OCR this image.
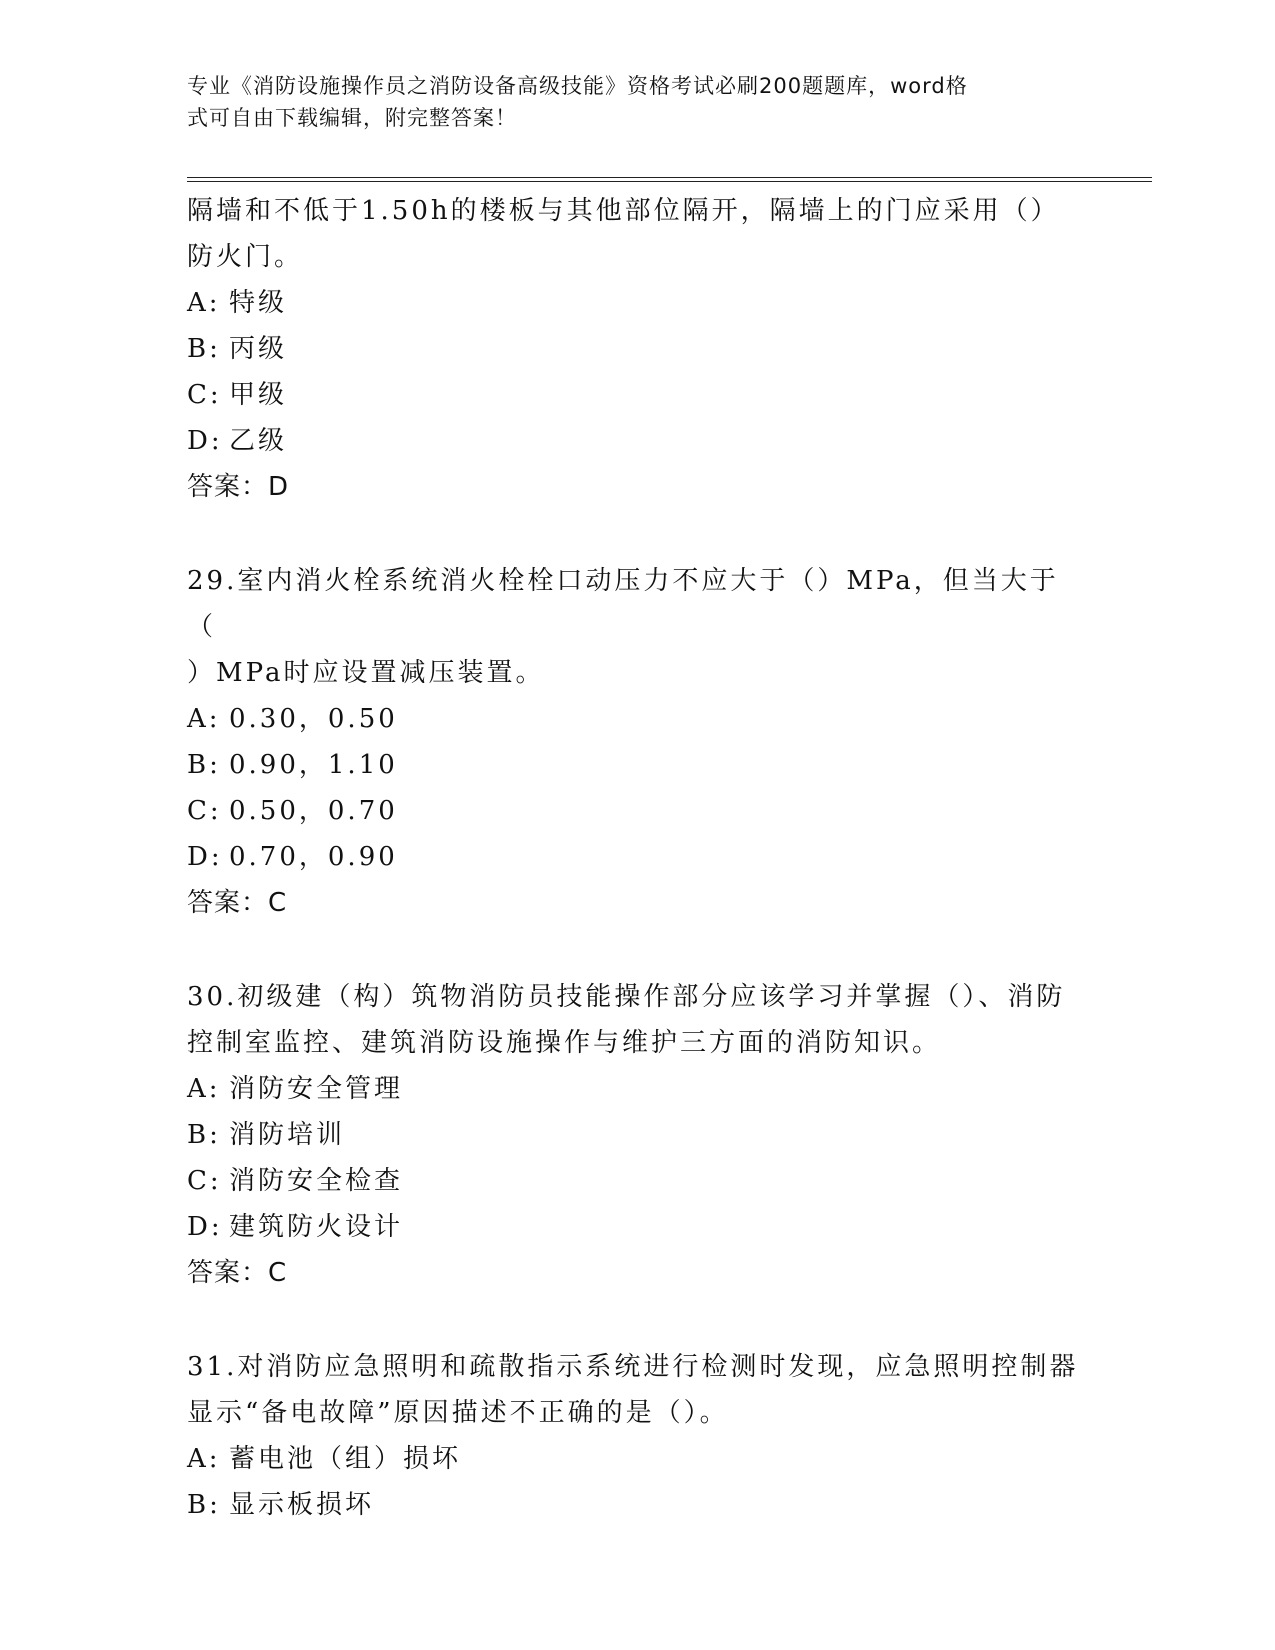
专业《消防设施操作员之消防设备高级技能》资格考试必刷200题题库，word格
式可自由下载编辑，附完整答案！

隔墙和不低于1.50h的楼板与其他部位隔开，隔墙上的门应采用（）
防火门。

A: 特级
B: 丙级
C: 甲级
D: 乙级
答案：D

29.室内消火栓系统消火栓栓口动压力不应大于（）MPa，但当大于（
）MPa时应设置减压装置。

A: 0.30，0.50
B: 0.90，1.10
C: 0.50，0.70
D: 0.70，0.90
答案：C

30.初级建（构）筑物消防员技能操作部分应该学习并掌握（）、消防
控制室监控、建筑消防设施操作与维护三方面的消防知识。

A: 消防安全管理
B: 消防培训
C: 消防安全检查
D: 建筑防火设计
答案：C

31.对消防应急照明和疏散指示系统进行检测时发现，应急照明控制器
显示“备电故障”原因描述不正确的是（）。

A: 蓄电池（组）损坏
B: 显示板损坏
